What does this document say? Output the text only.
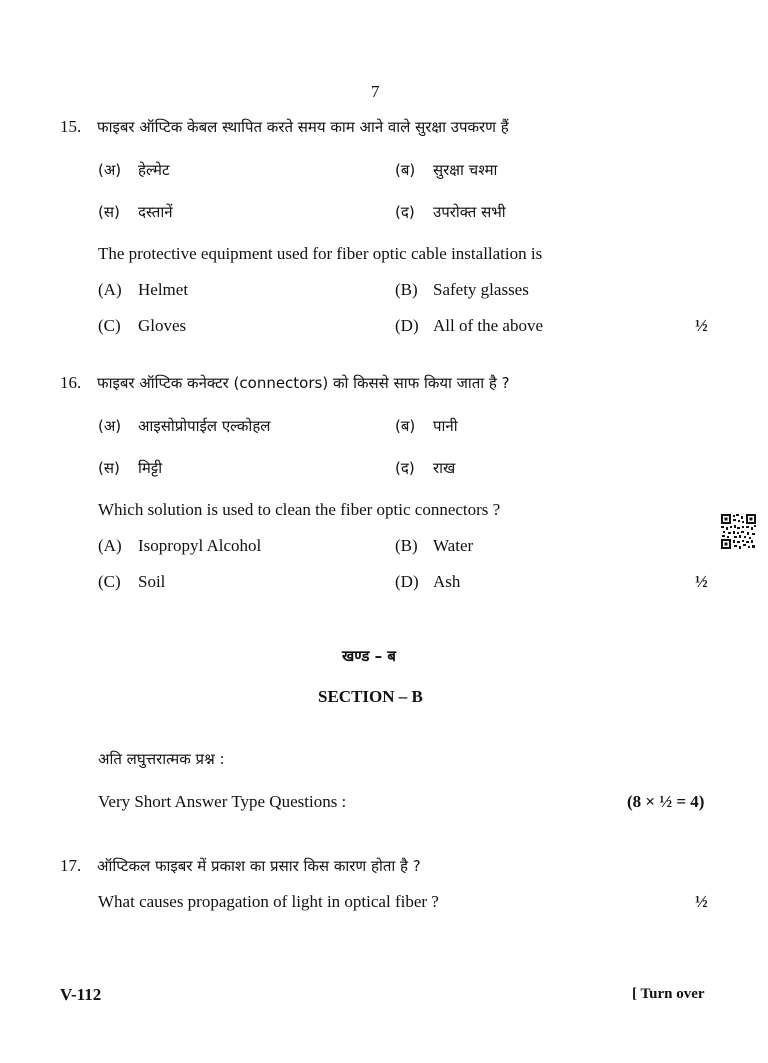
7
15. फाइबर ऑप्टिक केबल स्थापित करते समय काम आने वाले सुरक्षा उपकरण हैं
(अ) हेल्मेट	(ब) सुरक्षा चश्मा
(स) दस्तानें	(द) उपरोक्त सभी
The protective equipment used for fiber optic cable installation is
(A) Helmet	(B) Safety glasses
(C) Gloves	(D) All of the above	½
16. फाइबर ऑप्टिक कनेक्टर (connectors) को किससे साफ किया जाता है ?
(अ) आइसोप्रोपाईल एल्कोहल	(ब) पानी
(स) मिट्टी	(द) राख
Which solution is used to clean the fiber optic connectors ?
(A) Isopropyl Alcohol	(B) Water
(C) Soil	(D) Ash	½
खण्ड – ब
SECTION – B
अति लघुत्तरात्मक प्रश्न :
Very Short Answer Type Questions :	(8 × ½ = 4)
17. ऑप्टिकल फाइबर में प्रकाश का प्रसार किस कारण होता है ?
What causes propagation of light in optical fiber ?	½
V-112	[ Turn over
